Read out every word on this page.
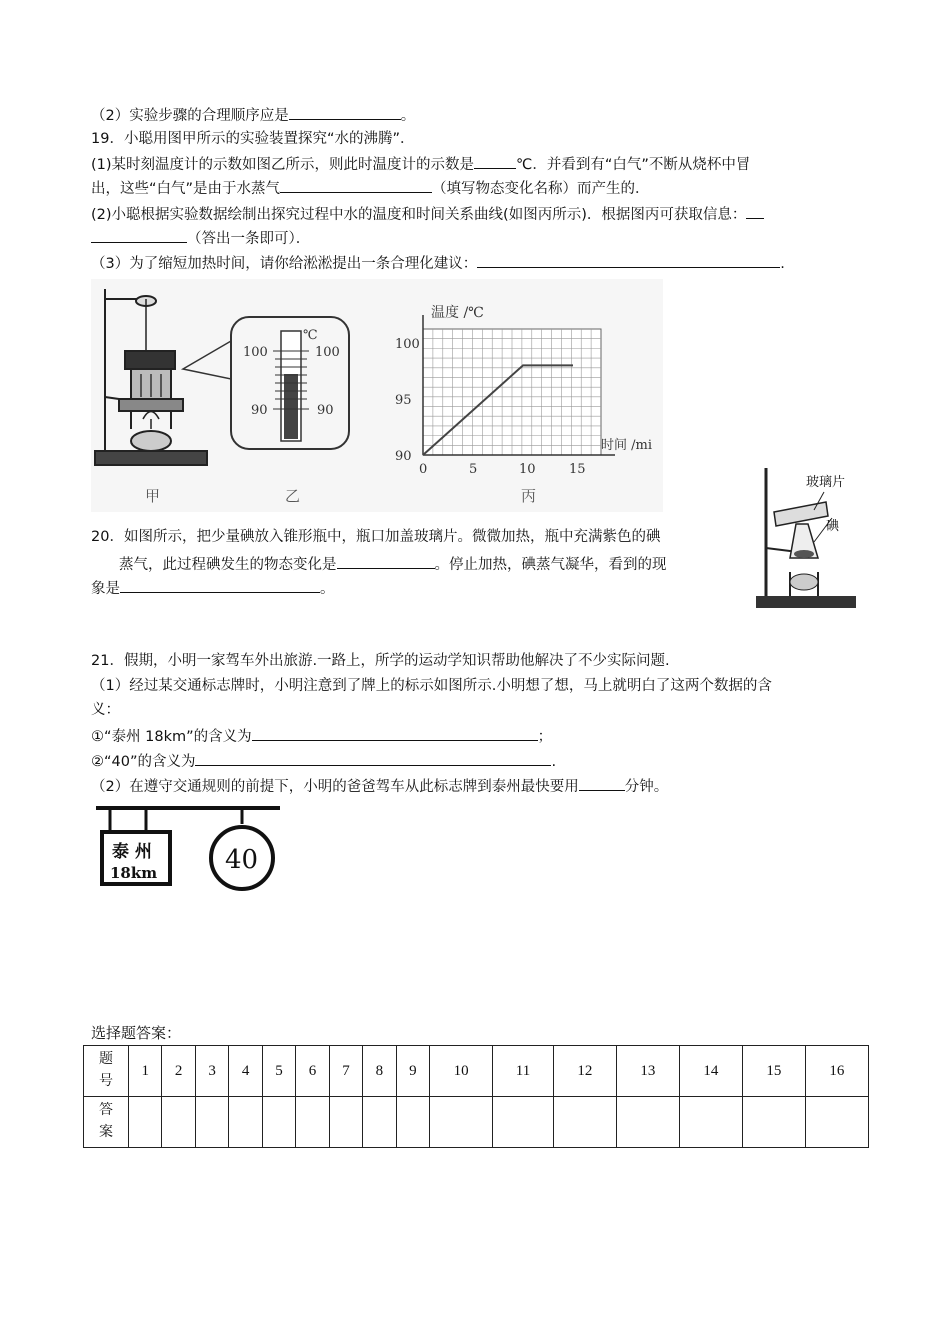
（2）实验步骤的合理顺序应是	。
19．小聪用图甲所示的实验装置探究“水的沸腾”．
(1)某时刻温度计的示数如图乙所示，则此时温度计的示数是	℃．并看到有“白气”不断从烧杯中冒
出，这些“白气”是由于水蒸气	（填写物态变化名称）而产生的．
(2)小聪根据实验数据绘制出探究过程中水的温度和时间关系曲线(如图丙所示)．根据图丙可获取信息：
（答出一条即可）．
（3）为了缩短加热时间，请你给淞淞提出一条合理化建议：	.
甲
℃
100	100
90	90
乙
0	5	10	15
90
95
100
温度 /℃
时间 /mi
丙
20．如图所示，把少量碘放入锥形瓶中，瓶口加盖玻璃片。微微加热，瓶中充满紫色的碘
蒸气，此过程碘发生的物态变化是	。停止加热，碘蒸气凝华，看到的现
象是	。
玻璃片
碘
21．假期，小明一家驾车外出旅游.一路上，所学的运动学知识帮助他解决了不少实际问题.
（1）经过某交通标志牌时，小明注意到了牌上的标示如图所示.小明想了想，马上就明白了这两个数据的含
义：
①“泰州 18km”的含义为	；
②“40”的含义为	.
（2）在遵守交通规则的前提下，小明的爸爸驾车从此标志牌到泰州最快要用	分钟。
泰 州
18km	40
选择题答案：
题
号	1	2	3	4	5	6	7	8	9	10	11	12	13	14	15	16
答
案																
